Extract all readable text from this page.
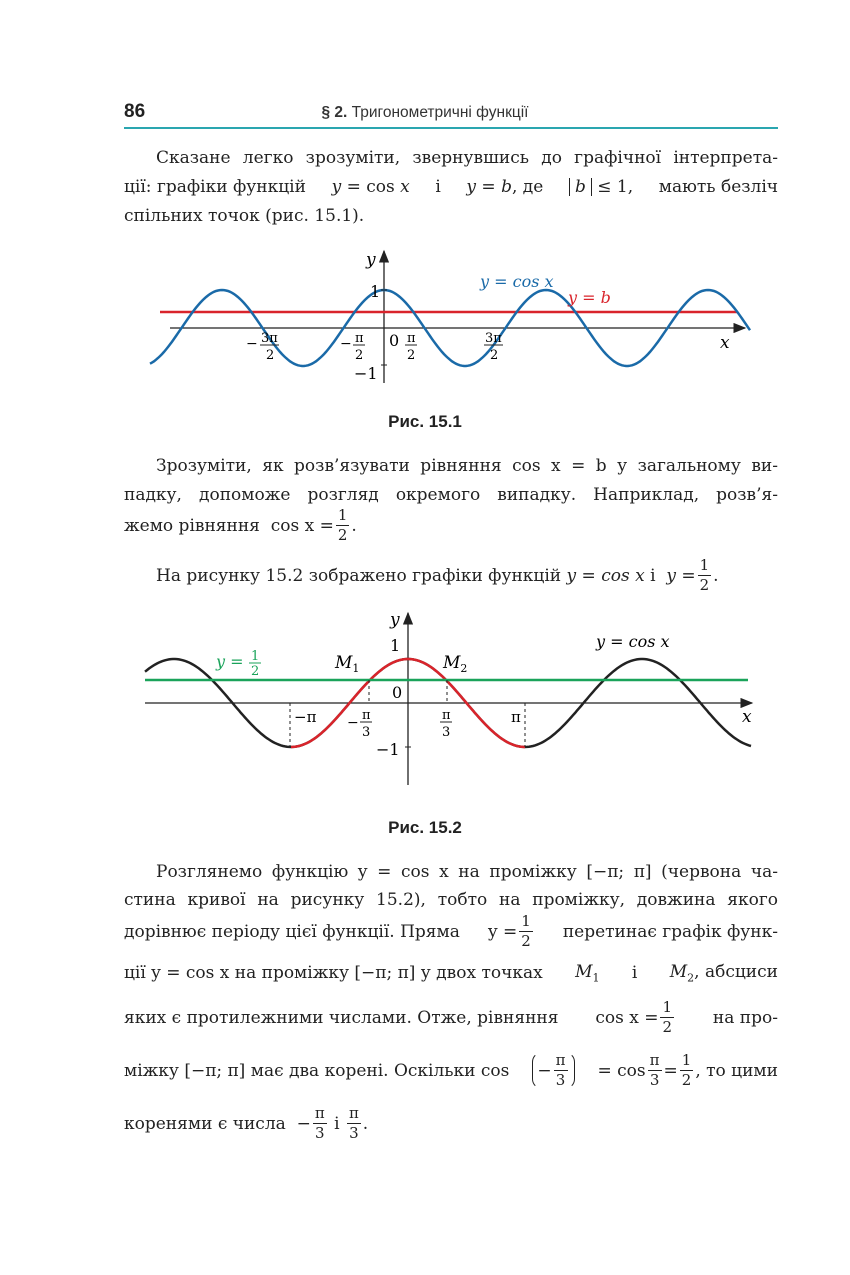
86	§ 2. Тригонометричні функції
Сказане легко зрозуміти, звернувшись до графічної інтерпрета-
ції: графіки функцій y = cos x і y = b, де	b ≤ 1, мають безліч
спільних точок (рис. 15.1).
y
x
1
−1
0
y = cos x
y = b
− 3π
2
− π
2
π
2
3π
2
Рис. 15.1
Зрозуміти, як розв’язувати рівняння cos x = b у загальному ви-
падку, допоможе розгляд окремого випадку. Наприклад, розв’я-
жемо рівняння
$\cos x = \frac{1}{2}$ .
На рисунку 15.2 зображено графіки функцій
y = cos x
і
$y = \frac{1}{2}$ .
y
x
1
0
−1
−π	π
− π
3
π
3
y = 1
2
y = cos x
$M_1$	$M_2$
Рис. 15.2
Розглянемо функцію y = cos x на проміжку [−π; π] (червона ча-
стина кривої на рисунку 15.2), тобто на проміжку, довжина якого
дорівнює періоду цієї функції. Пряма $y = \frac{1}{2}$ перетинає графік функ-
ції y = cos x на проміжку [−π; π] у двох точках $M_1$ і $M_2$, абсциси
яких є протилежними числами. Отже, рівняння $\cos x = \frac{1}{2}$ на про-
міжку [−π; π] має два корені. Оскільки $\cos - \frac{\pi}{3} = \cos \frac{\pi}{3} = \frac{1}{2}$ , то цими
коренями є числа
− $\frac{\pi}{3}$
і
$\frac{\pi}{3}$ .
